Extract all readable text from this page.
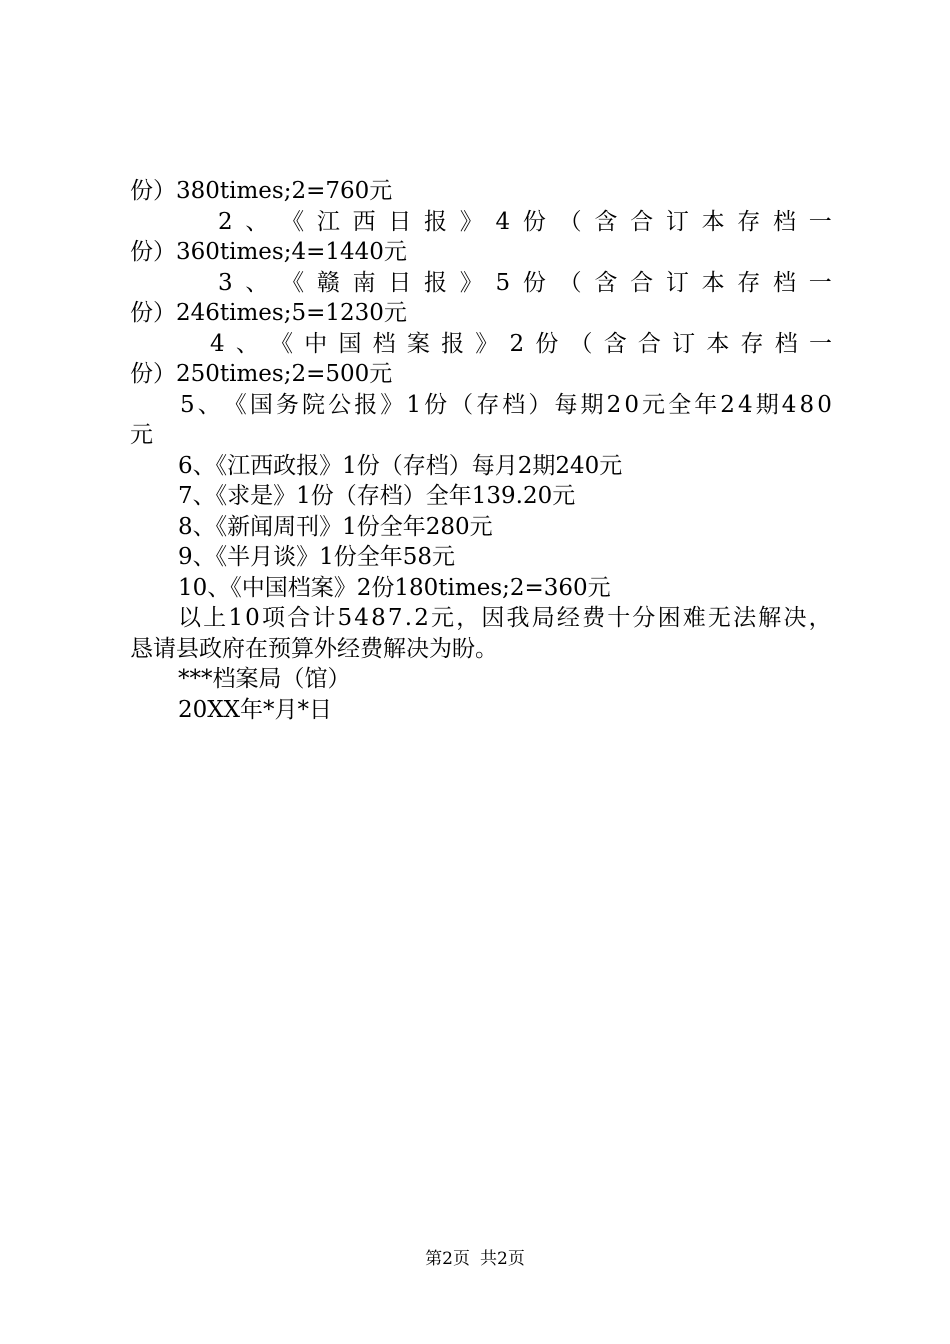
份）380times;2=760元
2 、 《 江 西 日 报 》 4 份 （ 含 合 订 本 存 档 一
份）360times;4=1440元
3 、 《 赣 南 日 报 》 5 份 （ 含 合 订 本 存 档 一
份）246times;5=1230元
4 、 《 中 国 档 案 报 》 2 份 （ 含 合 订 本 存 档 一
份）250times;2=500元
5 、 《 国 务 院 公 报 》 1 份 （ 存 档 ） 每 期 2 0 元 全 年 2 4 期 4 8 0
元
6、《江西政报》1份（存档）每月2期240元
7、《求是》1份（存档）全年139.20元
8、《新闻周刊》1份全年280元
9、《半月谈》1份全年58元
10、《中国档案》2份180times;2=360元
以 上 1 0 项 合 计 5 4 8 7 . 2 元 ， 因 我 局 经 费 十 分 困 难 无 法 解 决 ，
恳请县政府在预算外经费解决为盼。
***档案局（馆）
20XX年*月*日
第2页 共2页
